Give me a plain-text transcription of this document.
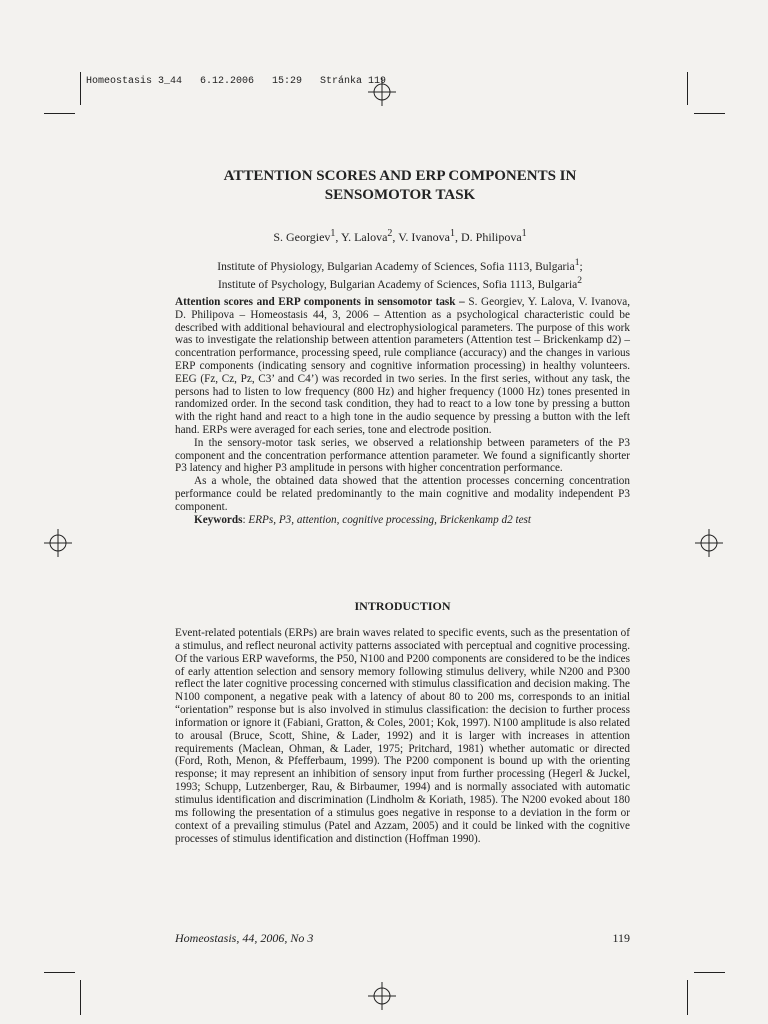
Homeostasis 3_44   6.12.2006   15:29   Stránka 119
ATTENTION SCORES AND ERP COMPONENTS IN
SENSOMOTOR TASK
S. Georgiev$^1$, Y. Lalova$^2$, V. Ivanova$^1$, D. Philipova$^1$
Institute of Physiology, Bulgarian Academy of Sciences, Sofia 1113, Bulgaria$^1$;
Institute of Psychology, Bulgarian Academy of Sciences, Sofia 1113, Bulgaria$^2$

Attention scores and ERP components in sensomotor task – S. Georgiev, Y. Lalova, V. Ivanova, D. Philipova – Homeostasis 44, 3, 2006 – Attention as a psychological characteristic could be described with additional behavioural and electrophysiological parameters. The purpose of this work was to investigate the relationship between attention parameters (Attention test – Brickenkamp d2) – concentration performance, processing speed, rule compliance (accuracy) and the changes in various ERP components (indicating sensory and cognitive information processing) in healthy volunteers. EEG (Fz, Cz, Pz, C3’ and C4’) was recorded in two series. In the first series, without any task, the persons had to listen to low frequency (800 Hz) and higher frequency (1000 Hz) tones presented in randomized order. In the second task condition, they had to react to a low tone by pressing a button with the right hand and react to a high tone in the audio sequence by pressing a button with the left hand. ERPs were averaged for each series, tone and electrode position.

In the sensory-motor task series, we observed a relationship between parameters of the P3 component and the concentration performance attention parameter. We found a significantly shorter P3 latency and higher P3 amplitude in persons with higher concentration performance.

As a whole, the obtained data showed that the attention processes concerning concentration performance could be related predominantly to the main cognitive and modality independent P3 component.

Keywords: ERPs, P3, attention, cognitive processing, Brickenkamp d2 test

INTRODUCTION

Event-related potentials (ERPs) are brain waves related to specific events, such as the presentation of a stimulus, and reflect neuronal activity patterns associated with perceptual and cognitive processing. Of the various ERP waveforms, the P50, N100 and P200 components are considered to be the indices of early attention selection and sensory memory following stimulus delivery, while N200 and P300 reflect the later cognitive processing concerned with stimulus classification and decision making. The N100 component, a negative peak with a latency of about 80 to 200 ms, corresponds to an initial “orientation” response but is also involved in stimulus classification: the decision to further process information or ignore it (Fabiani, Gratton, & Coles, 2001; Kok, 1997). N100 amplitude is also related to arousal (Bruce, Scott, Shine, & Lader, 1992) and it is larger with increases in attention requirements (Maclean, Ohman, & Lader, 1975; Pritchard, 1981) whether automatic or directed (Ford, Roth, Menon, & Pfefferbaum, 1999). The P200 component is bound up with the orienting response; it may represent an inhibition of sensory input from further processing (Hegerl & Juckel, 1993; Schupp, Lutzenberger, Rau, & Birbaumer, 1994) and is normally associated with automatic stimulus identification and discrimination (Lindholm & Koriath, 1985). The N200 evoked about 180 ms following the presentation of a stimulus goes negative in response to a deviation in the form or context of a prevailing stimulus (Patel and Azzam, 2005) and it could be linked with the cognitive processes of stimulus identification and distinction (Hoffman 1990).

Homeostasis, 44, 2006, No 3	119
